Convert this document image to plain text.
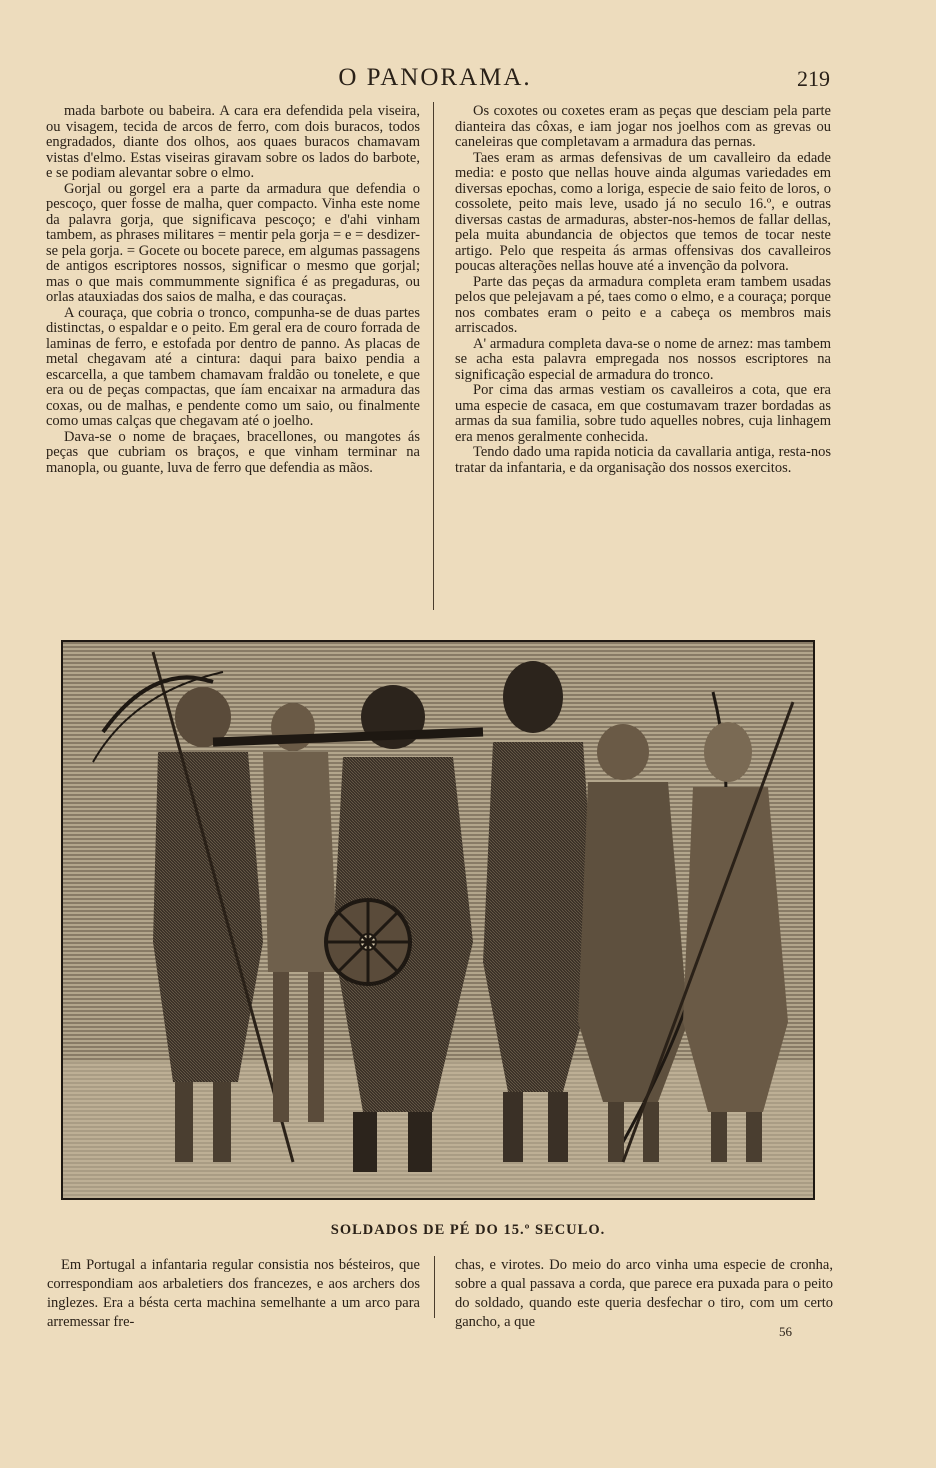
O PANORAMA.	219

mada barbote ou babeira. A cara era defendida pela viseira, ou visagem, tecida de arcos de ferro, com dois buracos, todos engradados, diante dos olhos, aos quaes buracos chamavam vistas d'elmo. Estas viseiras giravam sobre os lados do barbote, e se podiam alevantar sobre o elmo.

Gorjal ou gorgel era a parte da armadura que defendia o pescoço, quer fosse de malha, quer compacto. Vinha este nome da palavra gorja, que significava pescoço; e d'ahi vinham tambem, as phrases militares = mentir pela gorja = e = desdizer-se pela gorja. = Gocete ou bocete parece, em algumas passagens de antigos escriptores nossos, significar o mesmo que gorjal; mas o que mais commummente significa é as pregaduras, ou orlas atauxiadas dos saios de malha, e das couraças.

A couraça, que cobria o tronco, compunha-se de duas partes distinctas, o espaldar e o peito. Em geral era de couro forrada de laminas de ferro, e estofada por dentro de panno. As placas de metal chegavam até a cintura: daqui para baixo pendia a escarcella, a que tambem chamavam fraldão ou tonelete, e que era ou de peças compactas, que íam encaixar na armadura das coxas, ou de malhas, e pendente como um saio, ou finalmente como umas calças que chegavam até o joelho.

Dava-se o nome de braçaes, bracellones, ou mangotes ás peças que cubriam os braços, e que vinham terminar na manopla, ou guante, luva de ferro que defendia as mãos.

Os coxotes ou coxetes eram as peças que desciam pela parte dianteira das côxas, e iam jogar nos joelhos com as grevas ou caneleiras que completavam a armadura das pernas.

Taes eram as armas defensivas de um cavalleiro da edade media: e posto que nellas houve ainda algumas variedades em diversas epochas, como a loriga, especie de saio feito de loros, o cossolete, peito mais leve, usado já no seculo 16.º, e outras diversas castas de armaduras, abster-nos-hemos de fallar dellas, pela muita abundancia de objectos que temos de tocar neste artigo. Pelo que respeita ás armas offensivas dos cavalleiros poucas alterações nellas houve até a invenção da polvora.

Parte das peças da armadura completa eram tambem usadas pelos que pelejavam a pé, taes como o elmo, e a couraça; porque nos combates eram o peito e a cabeça os membros mais arriscados.

A' armadura completa dava-se o nome de arnez: mas tambem se acha esta palavra empregada nos nossos escriptores na significação especial de armadura do tronco.

Por cima das armas vestiam os cavalleiros a cota, que era uma especie de casaca, em que costumavam trazer bordadas as armas da sua familia, sobre tudo aquelles nobres, cuja linhagem era menos geralmente conhecida.

Tendo dado uma rapida noticia da cavallaria antiga, resta-nos tratar da infantaria, e da organisação dos nossos exercitos.

SOLDADOS DE PÉ DO 15.º SECULO.

Em Portugal a infantaria regular consistia nos bésteiros, que correspondiam aos arbaletiers dos francezes, e aos archers dos inglezes. Era a bésta certa machina semelhante a um arco para arremessar fre-

chas, e virotes. Do meio do arco vinha uma especie de cronha, sobre a qual passava a corda, que parece era puxada para o peito do soldado, quando este queria desfechar o tiro, com um certo gancho, a que

56
